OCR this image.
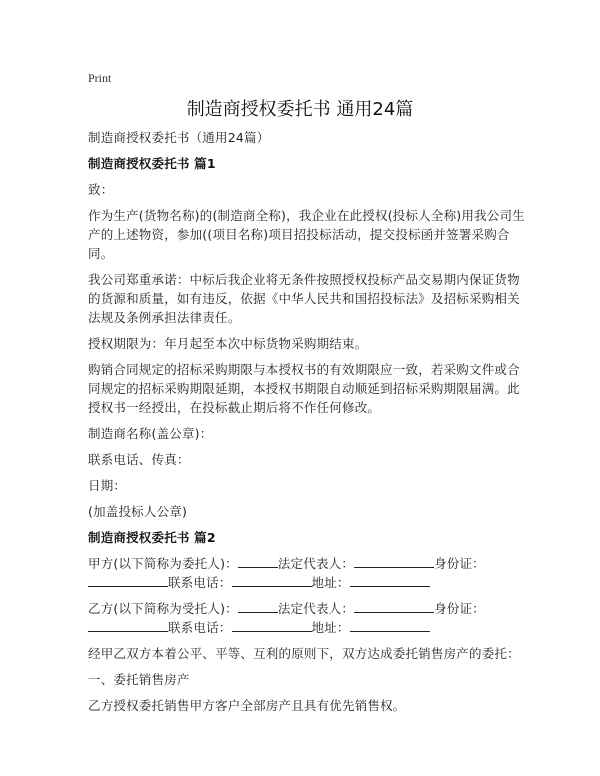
Print
制造商授权委托书 通用24篇
制造商授权委托书（通用24篇）
制造商授权委托书 篇1
致：
作为生产(货物名称)的(制造商全称)，我企业在此授权(投标人全称)用我公司生产的上述物资，参加((项目名称)项目招投标活动，提交投标函并签署采购合同。
我公司郑重承诺：中标后我企业将无条件按照授权投标产品交易期内保证货物的货源和质量，如有违反，依据《中华人民共和国招投标法》及招标采购相关法规及条例承担法律责任。
授权期限为：年月起至本次中标货物采购期结束。
购销合同规定的招标采购期限与本授权书的有效期限应一致，若采购文件或合同规定的招标采购期限延期，本授权书期限自动顺延到招标采购期限届满。此授权书一经授出，在投标截止期后将不作任何修改。
制造商名称(盖公章)：
联系电话、传真：
日期：
(加盖投标人公章)
制造商授权委托书 篇2
甲方(以下简称为委托人)：	法定代表人：	身份证： 联系电话：	地址：
乙方(以下简称为受托人)：	法定代表人：	身份证： 联系电话：	地址：
经甲乙双方本着公平、平等、互利的原则下，双方达成委托销售房产的委托：
一、委托销售房产
乙方授权委托销售甲方客户全部房产且具有优先销售权。
